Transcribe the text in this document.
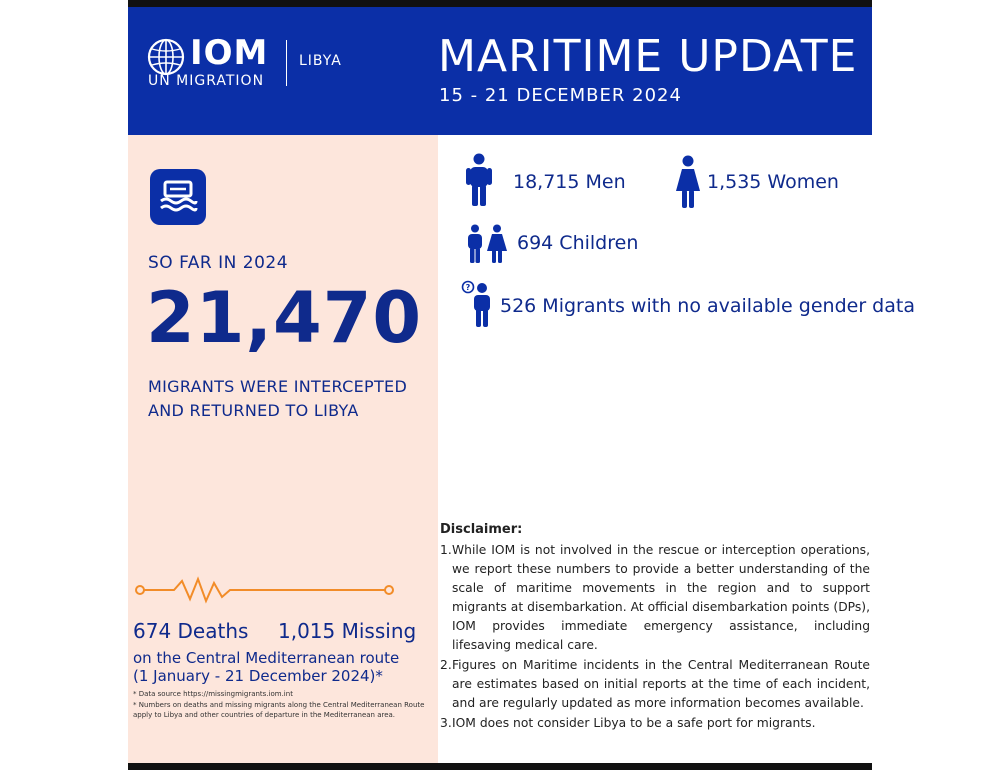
IOM
UN MIGRATION
LIBYA MARITIME UPDATE
15 - 21 DECEMBER 2024
SO FAR IN 2024
21,470
MIGRANTS WERE INTERCEPTED
AND RETURNED TO LIBYA
674 Deaths 1,015 Missing
on the Central Mediterranean route
(1 January - 21 December 2024)*
* Data source https://missingmigrants.iom.int
* Numbers on deaths and missing migrants along the Central Mediterranean Route apply to Libya and other countries of departure in the Mediterranean area.
18,715 Men	1,535 Women
694 Children
?
526 Migrants with no available gender data
Disclaimer:
1. While IOM is not involved in the rescue or interception operations, we report these numbers to provide a better understanding of the scale of maritime movements in the region and to support migrants at disembarkation. At official disembarkation points (DPs), IOM provides immediate emergency assistance, including lifesaving medical care.
2. Figures on Maritime incidents in the Central Mediterranean Route are estimates based on initial reports at the time of each incident, and are regularly updated as more information becomes available.
3. IOM does not consider Libya to be a safe port for migrants.
